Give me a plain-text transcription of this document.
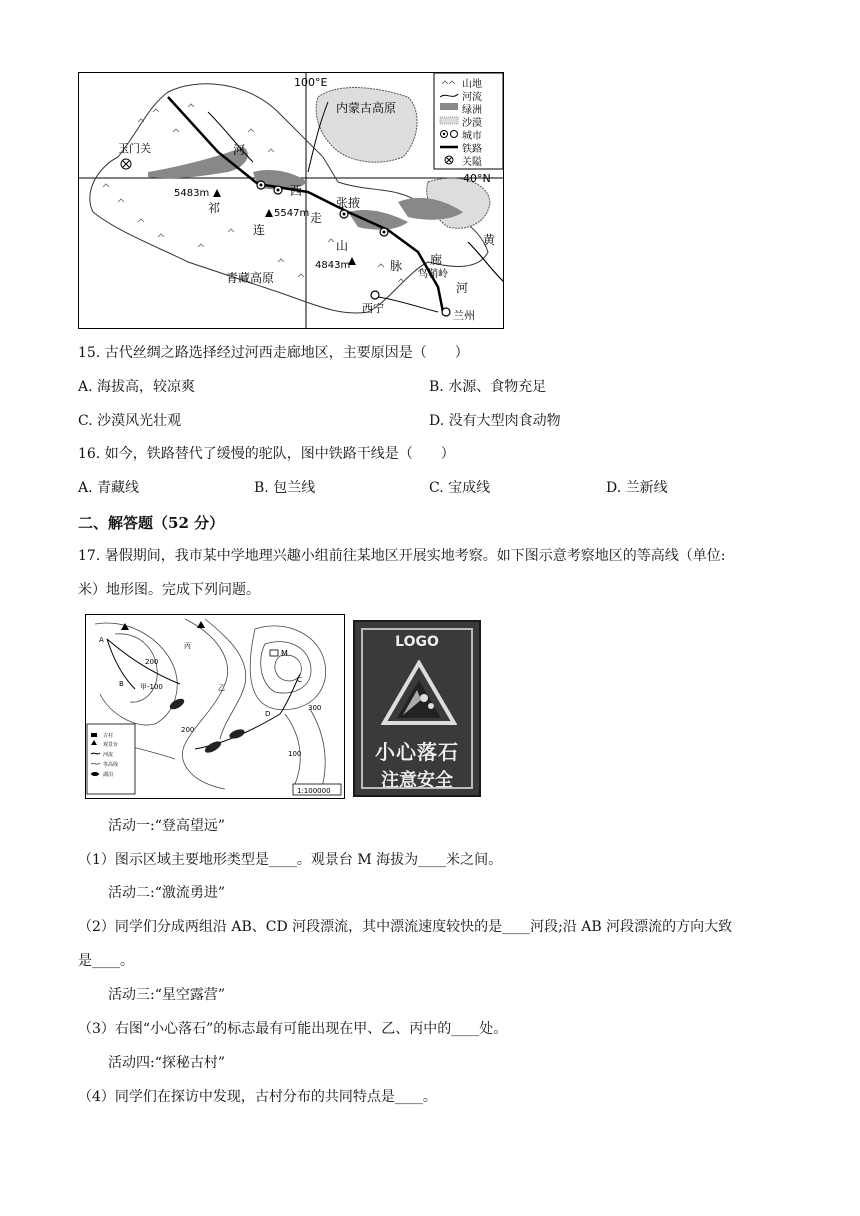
100°E
40°N
内蒙古高原
青藏高原
玉门关	河
西
走
张掖
祁
连
山
脉 廊
乌鞘岭
黄
河
西宁
兰州
5483m
5547m
4843m
山地
河流
绿洲
沙漠
城市
铁路
关隘
15. 古代丝绸之路选择经过河西走廊地区，主要原因是（　　）
A. 海拔高，较凉爽	B. 水源、食物充足
C. 沙漠风光壮观	D. 没有大型肉食动物
16. 如今，铁路替代了缓慢的驼队，图中铁路干线是（　　）
A. 青藏线	B. 包兰线	C. 宝成线	D. 兰新线
二、解答题（52 分）
17. 暑假期间，我市某中学地理兴趣小组前往某地区开展实地考察。如下图示意考察地区的等高线（单位:
米）地形图。完成下列问题。
M
200
甲-100	乙
丙
300
200
100
A
B	C
D
古村
观景台
河流
等高线
湖泊
1:100000
LOGO
小心落石
注意安全
活动一:“登高望远”
（1）图示区域主要地形类型是____。观景台 M 海拔为____米之间。
活动二:“激流勇进”
（2）同学们分成两组沿 AB、CD 河段漂流，其中漂流速度较快的是____河段;沿 AB 河段漂流的方向大致
是____。
活动三:“星空露营”
（3）右图“小心落石”的标志最有可能出现在甲、乙、丙中的____处。
活动四:“探秘古村”
（4）同学们在探访中发现，古村分布的共同特点是____。
